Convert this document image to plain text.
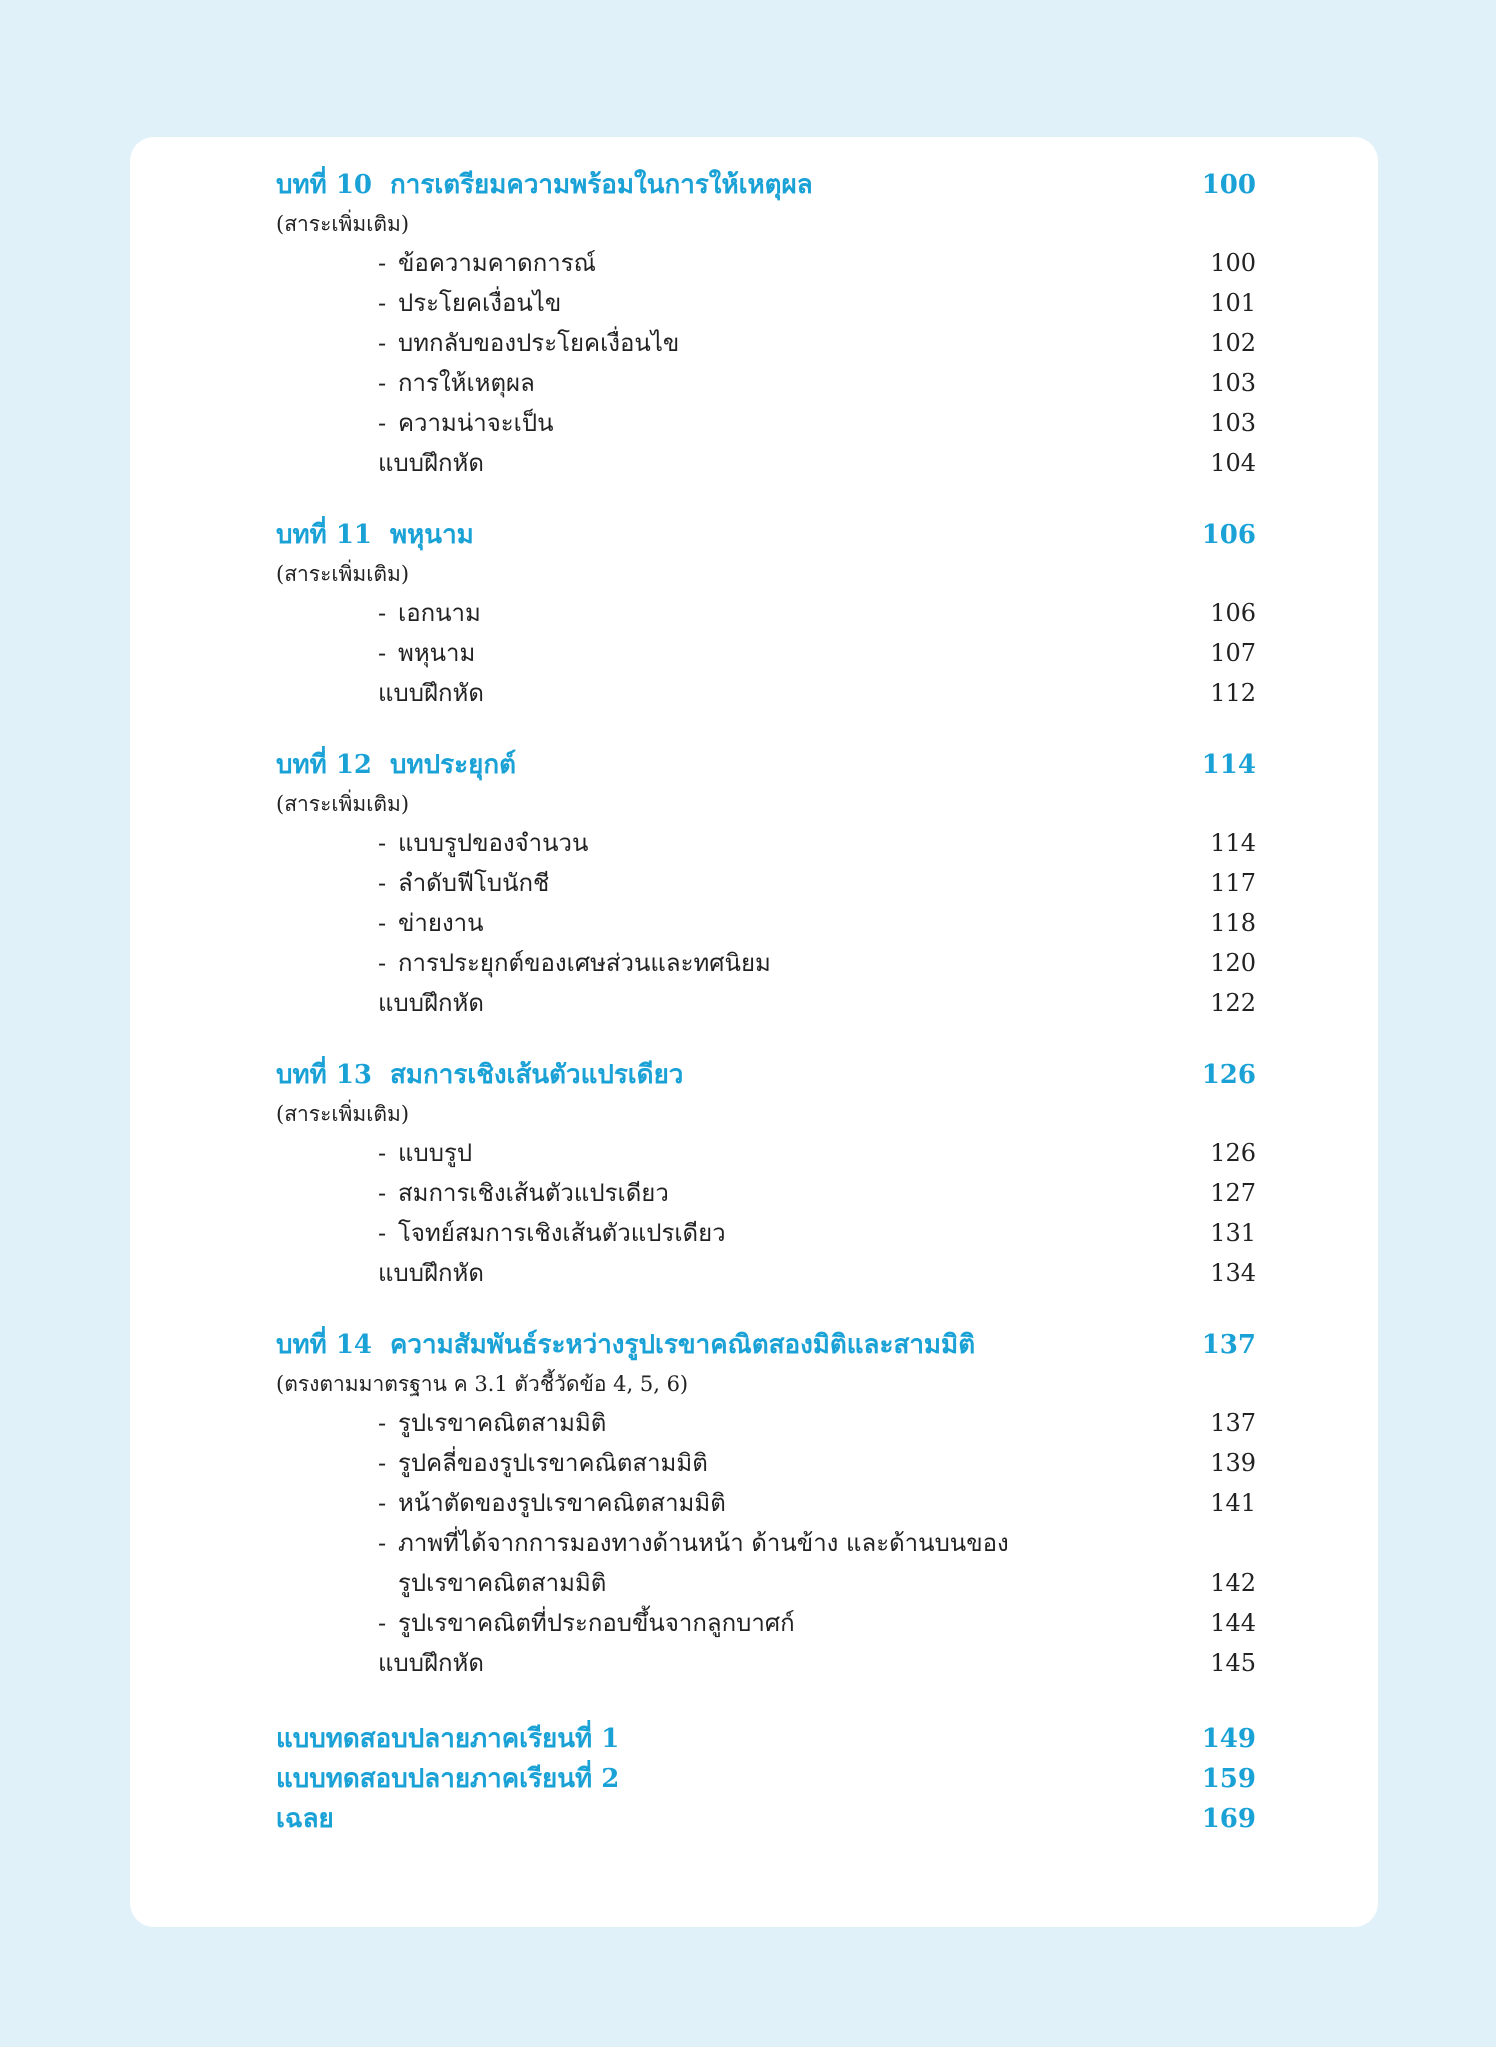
บทที่ 10 การเตรียมความพร้อมในการให้เหตุผล	100
(สาระเพิ่มเติม)
- ข้อความคาดการณ์	100
- ประโยคเงื่อนไข	101
- บทกลับของประโยคเงื่อนไข	102
- การให้เหตุผล	103
- ความน่าจะเป็น	103
แบบฝึกหัด	104
บทที่ 11 พหุนาม	106
(สาระเพิ่มเติม)
- เอกนาม	106
- พหุนาม	107
แบบฝึกหัด	112
บทที่ 12 บทประยุกต์	114
(สาระเพิ่มเติม)
- แบบรูปของจำนวน	114
- ลำดับฟีโบนักชี	117
- ข่ายงาน	118
- การประยุกต์ของเศษส่วนและทศนิยม	120
แบบฝึกหัด	122
บทที่ 13 สมการเชิงเส้นตัวแปรเดียว	126
(สาระเพิ่มเติม)
- แบบรูป	126
- สมการเชิงเส้นตัวแปรเดียว	127
- โจทย์สมการเชิงเส้นตัวแปรเดียว	131
แบบฝึกหัด	134
บทที่ 14 ความสัมพันธ์ระหว่างรูปเรขาคณิตสองมิติและสามมิติ	137
(ตรงตามมาตรฐาน ค 3.1 ตัวชี้วัดข้อ 4, 5, 6)
- รูปเรขาคณิตสามมิติ	137
- รูปคลี่ของรูปเรขาคณิตสามมิติ	139
- หน้าตัดของรูปเรขาคณิตสามมิติ	141
- ภาพที่ได้จากการมองทางด้านหน้า ด้านข้าง และด้านบนของ
รูปเรขาคณิตสามมิติ	142
- รูปเรขาคณิตที่ประกอบขึ้นจากลูกบาศก์	144
แบบฝึกหัด	145
แบบทดสอบปลายภาคเรียนที่ 1	149
แบบทดสอบปลายภาคเรียนที่ 2	159
เฉลย	169
